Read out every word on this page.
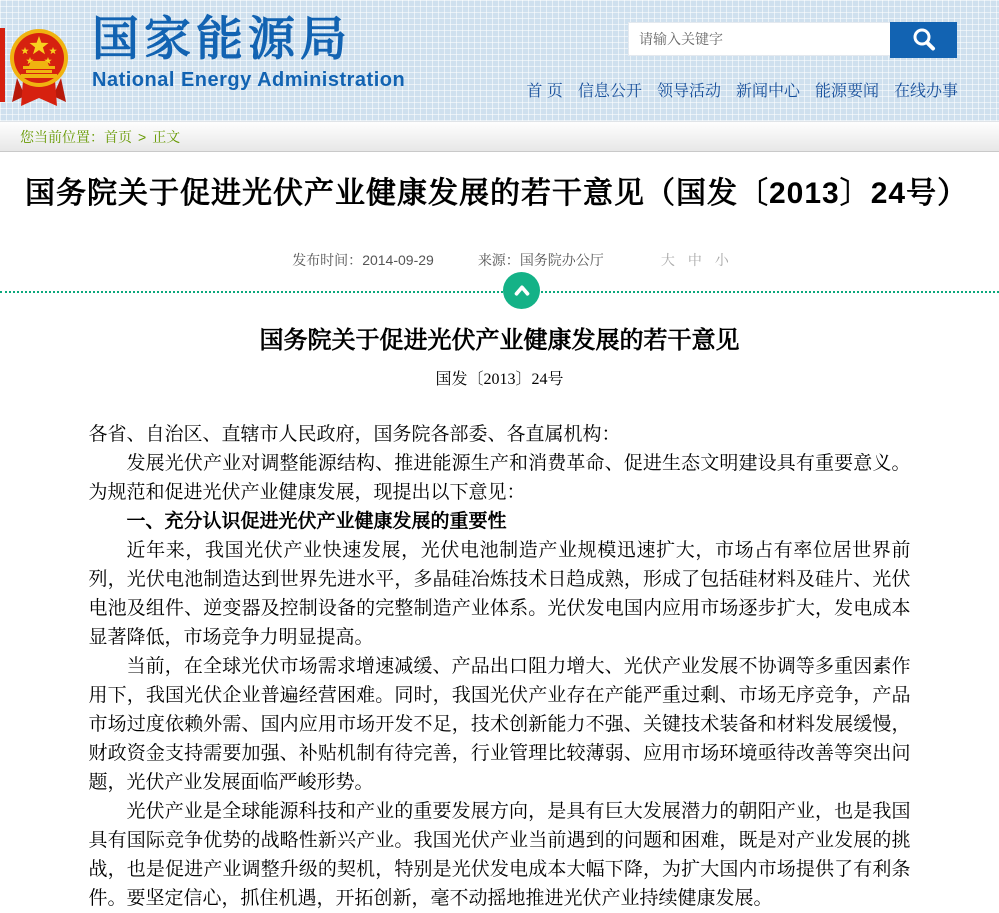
国家能源局
National Energy Administration
请输入关键字
首 页 信息公开 领导活动 新闻中心 能源要闻 在线办事
您当前位置：首页 > 正文
国务院关于促进光伏产业健康发展的若干意见（国发〔2013〕24号）
发布时间：2014-09-29	来源：国务院办公厅	大 中 小
国务院关于促进光伏产业健康发展的若干意见
国发〔2013〕24号

各省、自治区、直辖市人民政府，国务院各部委、各直属机构：

发展光伏产业对调整能源结构、推进能源生产和消费革命、促进生态文明建设具有重要意义。为规范和促进光伏产业健康发展，现提出以下意见：

一、充分认识促进光伏产业健康发展的重要性

近年来，我国光伏产业快速发展，光伏电池制造产业规模迅速扩大，市场占有率位居世界前列，光伏电池制造达到世界先进水平，多晶硅冶炼技术日趋成熟，形成了包括硅材料及硅片、光伏电池及组件、逆变器及控制设备的完整制造产业体系。光伏发电国内应用市场逐步扩大，发电成本显著降低，市场竞争力明显提高。

当前，在全球光伏市场需求增速减缓、产品出口阻力增大、光伏产业发展不协调等多重因素作用下，我国光伏企业普遍经营困难。同时，我国光伏产业存在产能严重过剩、市场无序竞争，产品市场过度依赖外需、国内应用市场开发不足，技术创新能力不强、关键技术装备和材料发展缓慢，财政资金支持需要加强、补贴机制有待完善，行业管理比较薄弱、应用市场环境亟待改善等突出问题，光伏产业发展面临严峻形势。

光伏产业是全球能源科技和产业的重要发展方向，是具有巨大发展潜力的朝阳产业，也是我国具有国际竞争优势的战略性新兴产业。我国光伏产业当前遇到的问题和困难，既是对产业发展的挑战，也是促进产业调整升级的契机，特别是光伏发电成本大幅下降，为扩大国内市场提供了有利条件。要坚定信心，抓住机遇，开拓创新，毫不动摇地推进光伏产业持续健康发展。
